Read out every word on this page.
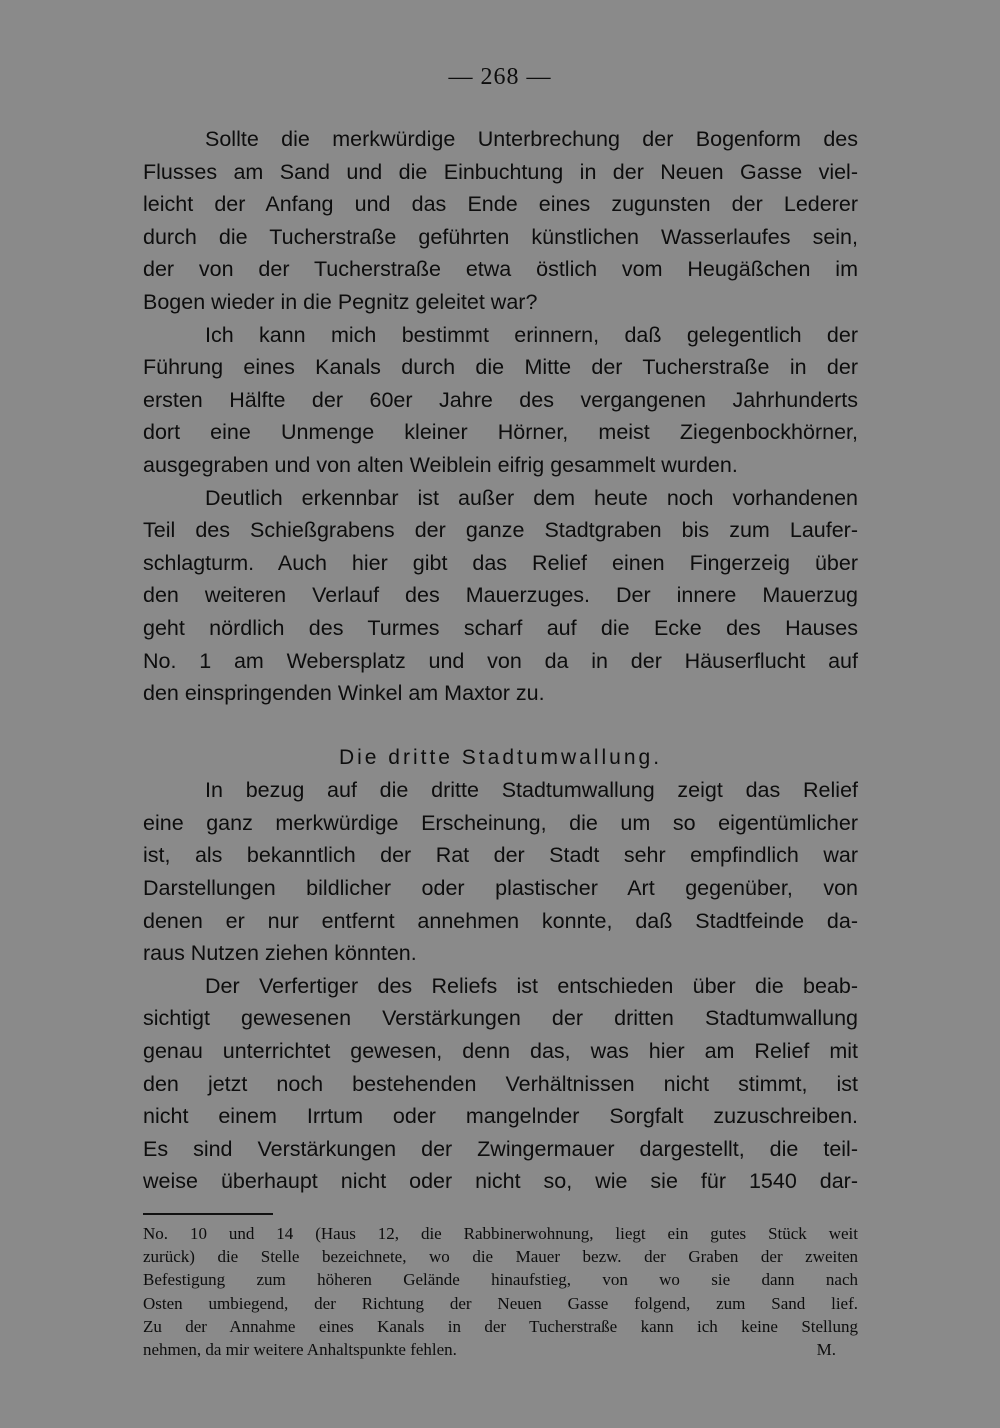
— 268 —
Sollte die merkwürdige Unterbrechung der Bogenform des
Flusses am Sand und die Einbuchtung in der Neuen Gasse viel-
leicht der Anfang und das Ende eines zugunsten der Lederer
durch die Tucherstraße geführten künstlichen Wasserlaufes sein,
der von der Tucherstraße etwa östlich vom Heugäßchen im
Bogen wieder in die Pegnitz geleitet war?
Ich kann mich bestimmt erinnern, daß gelegentlich der
Führung eines Kanals durch die Mitte der Tucherstraße in der
ersten Hälfte der 60er Jahre des vergangenen Jahrhunderts
dort eine Unmenge kleiner Hörner, meist Ziegenbockhörner,
ausgegraben und von alten Weiblein eifrig gesammelt wurden.
Deutlich erkennbar ist außer dem heute noch vorhandenen
Teil des Schießgrabens der ganze Stadtgraben bis zum Laufer-
schlagturm. Auch hier gibt das Relief einen Fingerzeig über
den weiteren Verlauf des Mauerzuges. Der innere Mauerzug
geht nördlich des Turmes scharf auf die Ecke des Hauses
No. 1 am Webersplatz und von da in der Häuserflucht auf
den einspringenden Winkel am Maxtor zu.
Die dritte Stadtumwallung.
In bezug auf die dritte Stadtumwallung zeigt das Relief
eine ganz merkwürdige Erscheinung, die um so eigentümlicher
ist, als bekanntlich der Rat der Stadt sehr empfindlich war
Darstellungen bildlicher oder plastischer Art gegenüber, von
denen er nur entfernt annehmen konnte, daß Stadtfeinde da-
raus Nutzen ziehen könnten.
Der Verfertiger des Reliefs ist entschieden über die beab-
sichtigt gewesenen Verstärkungen der dritten Stadtumwallung
genau unterrichtet gewesen, denn das, was hier am Relief mit
den jetzt noch bestehenden Verhältnissen nicht stimmt, ist
nicht einem Irrtum oder mangelnder Sorgfalt zuzuschreiben.
Es sind Verstärkungen der Zwingermauer dargestellt, die teil-
weise überhaupt nicht oder nicht so, wie sie für 1540 dar-
No. 10 und 14 (Haus 12, die Rabbinerwohnung, liegt ein gutes Stück weit
zurück) die Stelle bezeichnete, wo die Mauer bezw. der Graben der zweiten
Befestigung zum höheren Gelände hinaufstieg, von wo sie dann nach
Osten umbiegend, der Richtung der Neuen Gasse folgend, zum Sand lief.
Zu der Annahme eines Kanals in der Tucherstraße kann ich keine Stellung
nehmen, da mir weitere Anhaltspunkte fehlen.	M.
